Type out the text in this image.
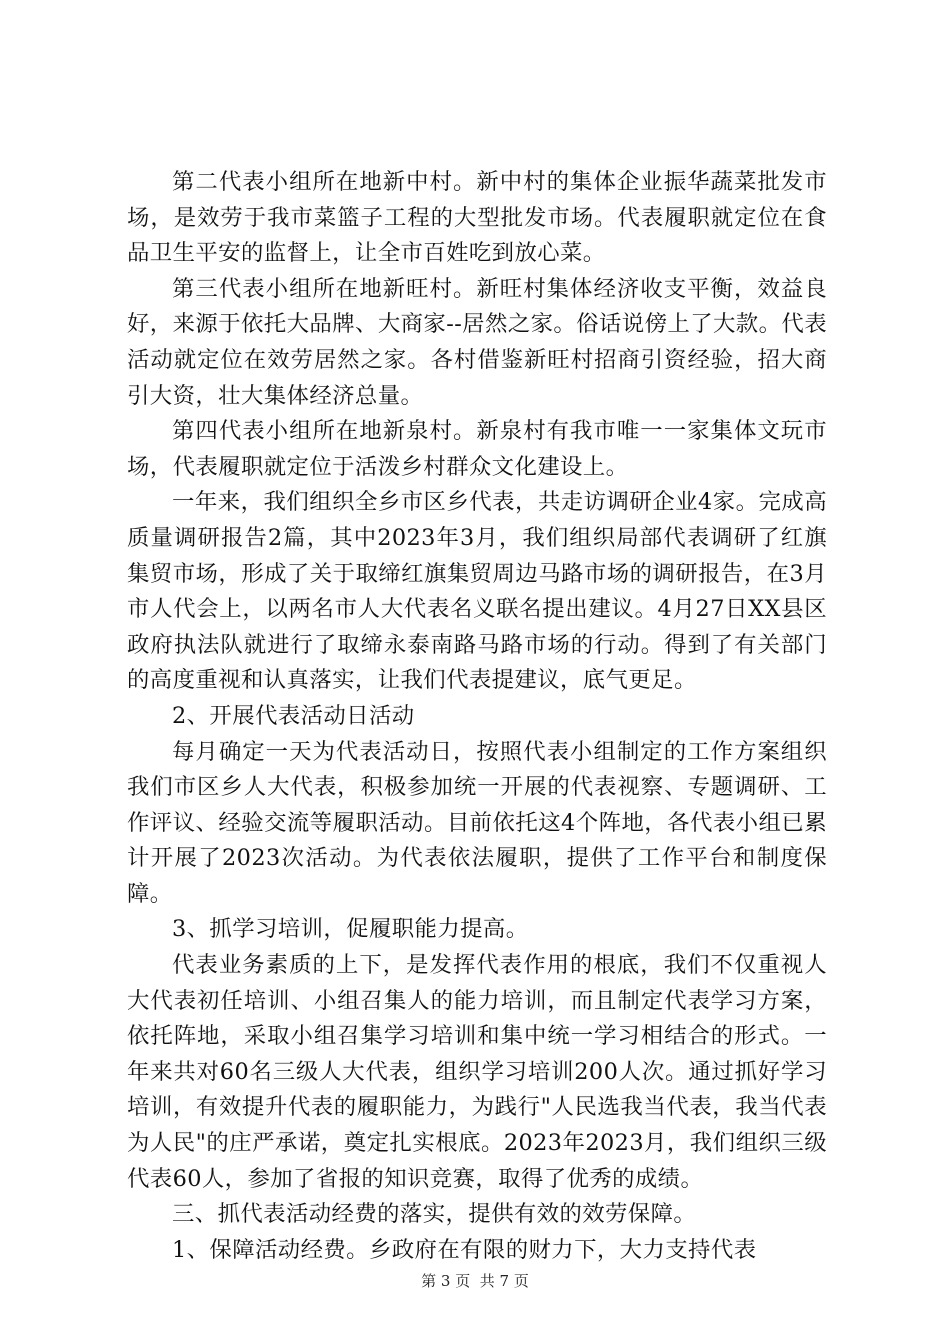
第二代表小组所在地新中村。新中村的集体企业振华蔬菜批发市场，是效劳于我市菜篮子工程的大型批发市场。代表履职就定位在食品卫生平安的监督上，让全市百姓吃到放心菜。

第三代表小组所在地新旺村。新旺村集体经济收支平衡，效益良好，来源于依托大品牌、大商家--居然之家。俗话说傍上了大款。代表活动就定位在效劳居然之家。各村借鉴新旺村招商引资经验，招大商引大资，壮大集体经济总量。

第四代表小组所在地新泉村。新泉村有我市唯一一家集体文玩市场，代表履职就定位于活泼乡村群众文化建设上。

一年来，我们组织全乡市区乡代表，共走访调研企业4家。完成高质量调研报告2篇，其中2023年3月，我们组织局部代表调研了红旗集贸市场，形成了关于取缔红旗集贸周边马路市场的调研报告，在3月市人代会上，以两名市人大代表名义联名提出建议。4月27日XX县区政府执法队就进行了取缔永泰南路马路市场的行动。得到了有关部门的高度重视和认真落实，让我们代表提建议，底气更足。

2、开展代表活动日活动

每月确定一天为代表活动日，按照代表小组制定的工作方案组织我们市区乡人大代表，积极参加统一开展的代表视察、专题调研、工作评议、经验交流等履职活动。目前依托这4个阵地，各代表小组已累计开展了2023次活动。为代表依法履职，提供了工作平台和制度保障。

3、抓学习培训，促履职能力提高。

代表业务素质的上下，是发挥代表作用的根底，我们不仅重视人大代表初任培训、小组召集人的能力培训，而且制定代表学习方案，依托阵地，采取小组召集学习培训和集中统一学习相结合的形式。一年来共对60名三级人大代表，组织学习培训200人次。通过抓好学习培训，有效提升代表的履职能力，为践行"人民选我当代表，我当代表为人民"的庄严承诺，奠定扎实根底。2023年2023月，我们组织三级代表60人，参加了省报的知识竞赛，取得了优秀的成绩。

三、抓代表活动经费的落实，提供有效的效劳保障。

1、保障活动经费。乡政府在有限的财力下，大力支持代表

第 3 页  共 7 页
